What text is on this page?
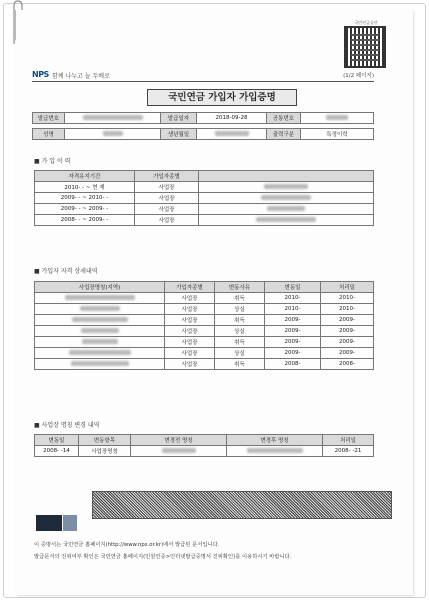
국민연금공단
NPS 함께 나누고 늘 두배로	(1/2 페이지)
국민연금 가입자 가입증명
발급번호		발급일자	2018-09-28	공통번호	

성명		생년월일		출력구분	특정이력
■ 가 입 이 력
자격유지기간	가입자종별	
2010- - ~ 현 재	사업장	
2009- - ~ 2010- -	사업장	
2009- - ~ 2009- -	사업장	
2008- - ~ 2009- -	사업장	
■ 가입자 자격 상세내역
사업장명칭(지역)	가입자종별	변동사유	변동일	처리일
	사업장	취득	2010-	2010-
	사업장	상실	2010-	2010-
	사업장	취득	2009-	2009-
	사업장	상실	2009-	2009-
	사업장	취득	2009-	2009-
	사업장	상실	2009-	2009-
	사업장	취득	2008-	2008-
■ 사업장 명칭 변경 내역
변동일	변동항목	변경전 명칭	변경후 명칭	처리일
2008- -14	사업장명칭			2008- -21
이 증명서는 국민연금 홈페이지(http://www.nps.or.kr)에서 발급된 문서입니다.
발급문서의 진위여부 확인은 국민연금 홈페이지(민원인증>인터넷발급증명서 진위확인)를 이용하시기 바랍니다.
